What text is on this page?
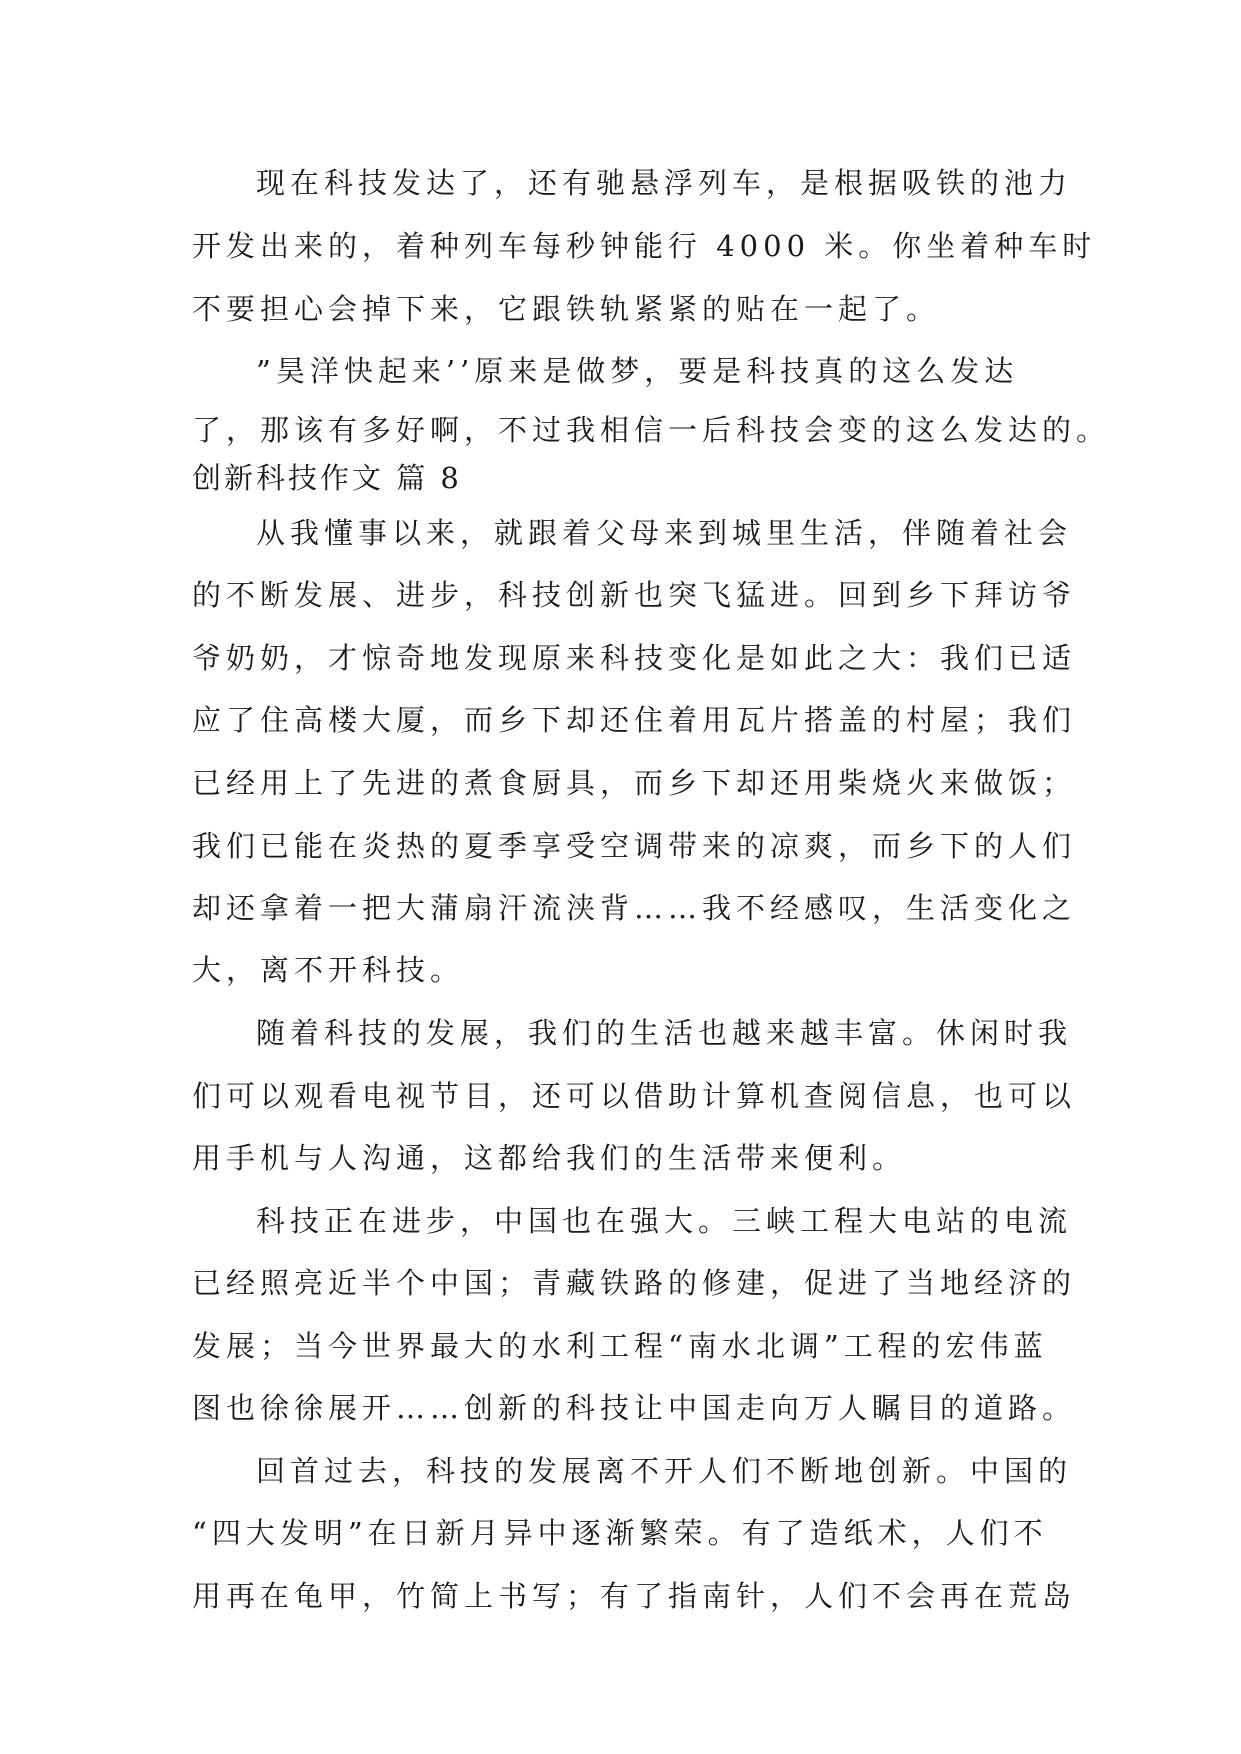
现在科技发达了，还有驰悬浮列车，是根据吸铁的池力
开发出来的，着种列车每秒钟能行 4000 米。你坐着种车时
不要担心会掉下来，它跟铁轨紧紧的贴在一起了。
”昊洋快起来’’原来是做梦，要是科技真的这么发达
了，那该有多好啊，不过我相信一后科技会变的这么发达的。
创新科技作文 篇 8
从我懂事以来，就跟着父母来到城里生活，伴随着社会
的不断发展、进步，科技创新也突飞猛进。回到乡下拜访爷
爷奶奶，才惊奇地发现原来科技变化是如此之大：我们已适
应了住高楼大厦，而乡下却还住着用瓦片搭盖的村屋；我们
已经用上了先进的煮食厨具，而乡下却还用柴烧火来做饭；
我们已能在炎热的夏季享受空调带来的凉爽，而乡下的人们
却还拿着一把大蒲扇汗流浃背……我不经感叹，生活变化之
大，离不开科技。
随着科技的发展，我们的生活也越来越丰富。休闲时我
们可以观看电视节目，还可以借助计算机查阅信息，也可以
用手机与人沟通，这都给我们的生活带来便利。
科技正在进步，中国也在强大。三峡工程大电站的电流
已经照亮近半个中国；青藏铁路的修建，促进了当地经济的
发展；当今世界最大的水利工程“南水北调”工程的宏伟蓝
图也徐徐展开……创新的科技让中国走向万人瞩目的道路。
回首过去，科技的发展离不开人们不断地创新。中国的
“四大发明”在日新月异中逐渐繁荣。有了造纸术，人们不
用再在龟甲，竹简上书写；有了指南针，人们不会再在荒岛
